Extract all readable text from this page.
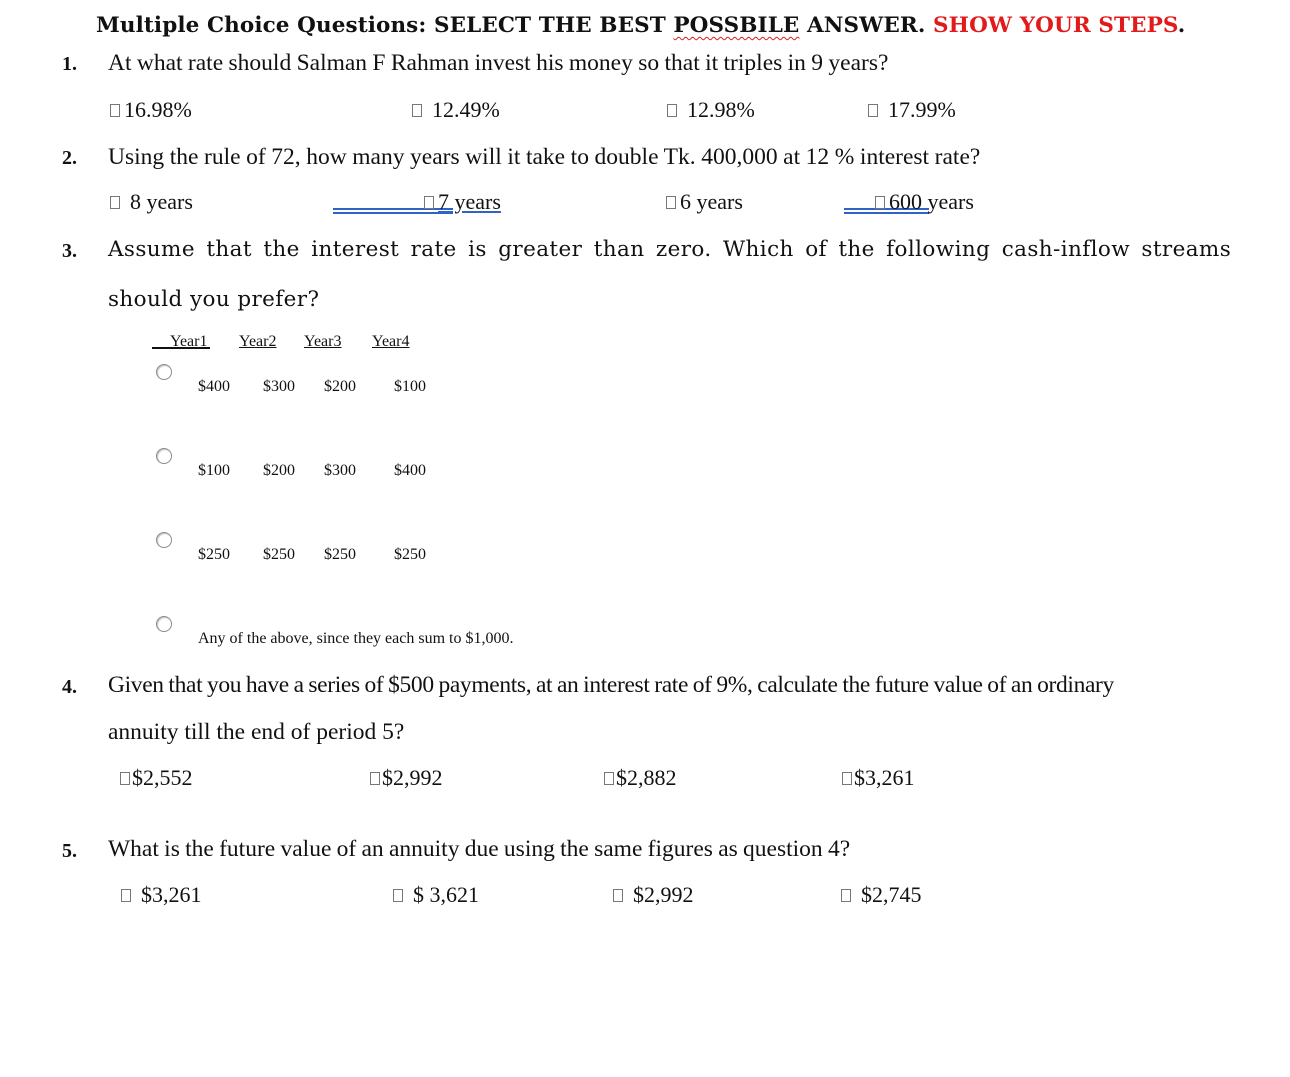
Multiple Choice Questions: SELECT THE BEST POSSBILE ANSWER. SHOW YOUR STEPS.
1. At what rate should Salman F Rahman invest his money so that it triples in 9 years?
16.98%	12.49%	12.98%	17.99%
2. Using the rule of 72, how many years will it take to double Tk. 400,000 at 12 % interest rate?
8 years	7 years	6 years	600 years
3. Assume that the interest rate is greater than zero. Which of the following cash-inflow streams
should you prefer?
Year1 Year2 Year3 Year4
$400 $300 $200 $100
$100 $200 $300 $400
$250 $250 $250 $250
Any of the above, since they each sum to $1,000.
4. Given that you have a series of $500 payments, at an interest rate of 9%, calculate the future value of an ordinary
annuity till the end of period 5?
$2,552	$2,992	$2,882	$3,261
5. What is the future value of an annuity due using the same figures as question 4?
$3,261	$ 3,621	$2,992	$2,745
